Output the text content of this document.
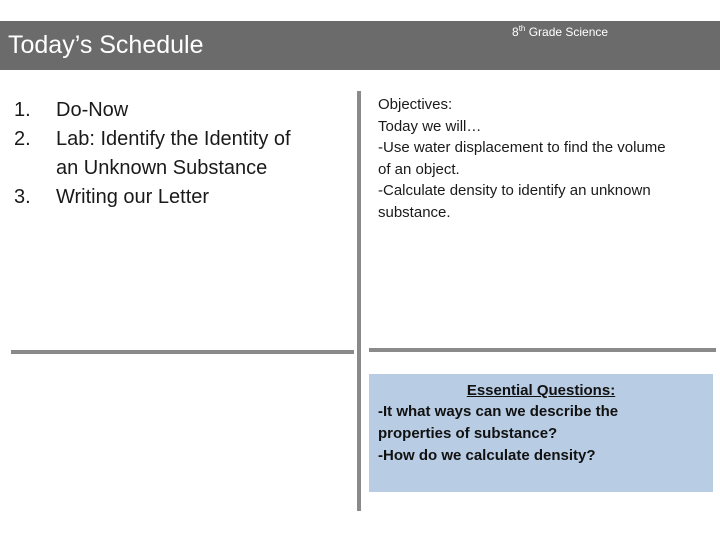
Today’s Schedule	8th Grade Science
1. Do-Now
2. Lab: Identify the Identity of
an Unknown Substance
3. Writing our Letter
Objectives:
Today we will…
-Use water displacement to find the volume
of an object.
-Calculate density to identify an unknown
substance.
Essential Questions:
-It what ways can we describe the
properties of substance?
-How do we calculate density?
